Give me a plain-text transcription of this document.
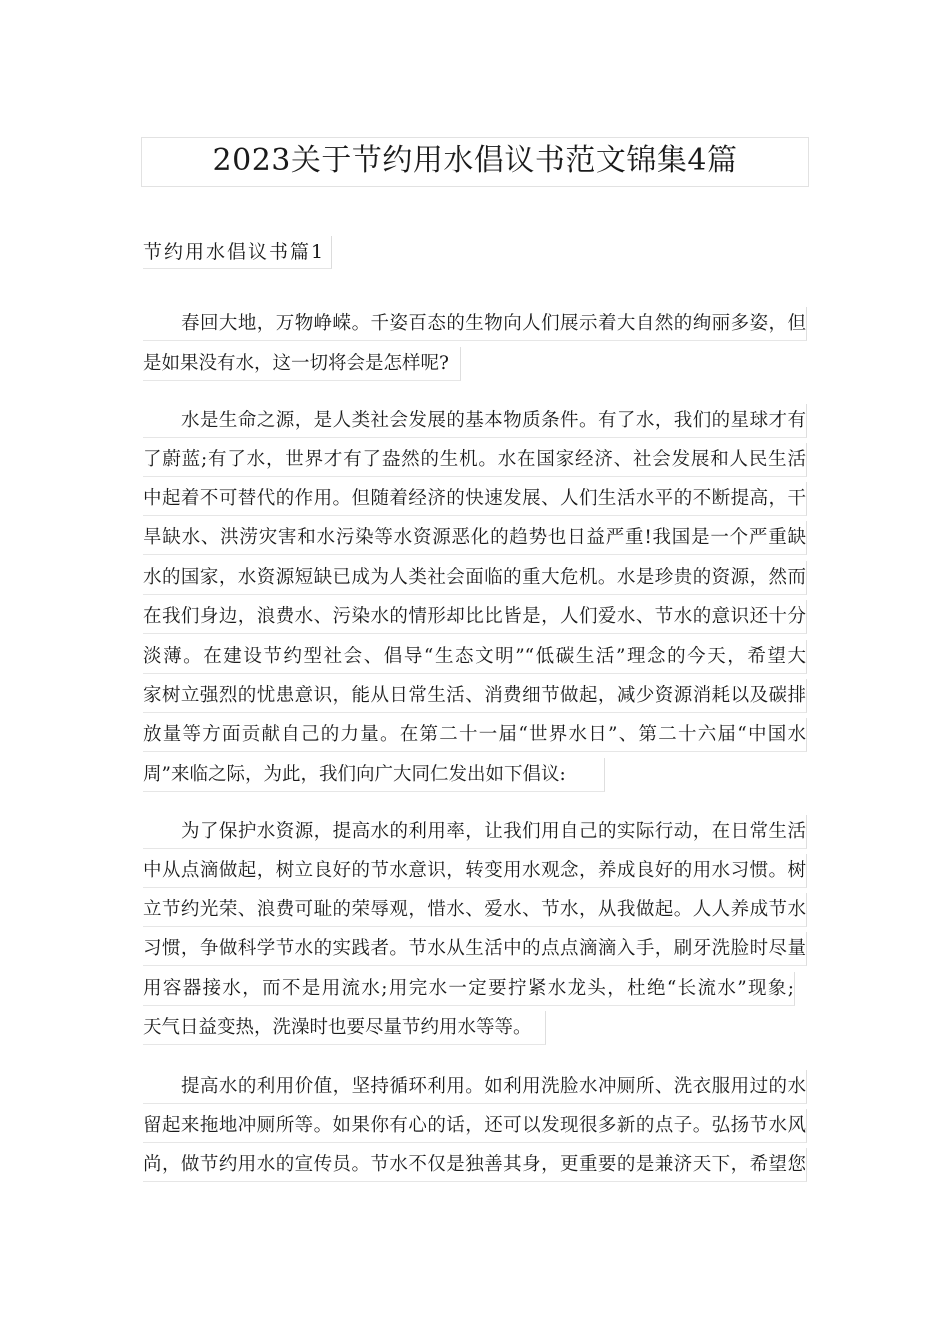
2023关于节约用水倡议书范文锦集4篇
节约用水倡议书篇1
春回大地，万物峥嵘。千姿百态的生物向人们展示着大自然的绚丽多姿，但
是如果没有水，这一切将会是怎样呢?
水是生命之源，是人类社会发展的基本物质条件。有了水，我们的星球才有
了蔚蓝;有了水，世界才有了盎然的生机。水在国家经济、社会发展和人民生活
中起着不可替代的作用。但随着经济的快速发展、人们生活水平的不断提高，干
旱缺水、洪涝灾害和水污染等水资源恶化的趋势也日益严重!我国是一个严重缺
水的国家，水资源短缺已成为人类社会面临的重大危机。水是珍贵的资源，然而
在我们身边，浪费水、污染水的情形却比比皆是，人们爱水、节水的意识还十分
淡薄。在建设节约型社会、倡导“生态文明”“低碳生活”理念的今天，希望大
家树立强烈的忧患意识，能从日常生活、消费细节做起，减少资源消耗以及碳排
放量等方面贡献自己的力量。在第二十一届“世界水日”、第二十六届“中国水
周”来临之际，为此，我们向广大同仁发出如下倡议:
为了保护水资源，提高水的利用率，让我们用自己的实际行动，在日常生活
中从点滴做起，树立良好的节水意识，转变用水观念，养成良好的用水习惯。树
立节约光荣、浪费可耻的荣辱观，惜水、爱水、节水，从我做起。人人养成节水
习惯，争做科学节水的实践者。节水从生活中的点点滴滴入手，刷牙洗脸时尽量
用容器接水，而不是用流水;用完水一定要拧紧水龙头，杜绝“长流水”现象;
天气日益变热，洗澡时也要尽量节约用水等等。
提高水的利用价值，坚持循环利用。如利用洗脸水冲厕所、洗衣服用过的水
留起来拖地冲厕所等。如果你有心的话，还可以发现很多新的点子。弘扬节水风
尚，做节约用水的宣传员。节水不仅是独善其身，更重要的是兼济天下，希望您
